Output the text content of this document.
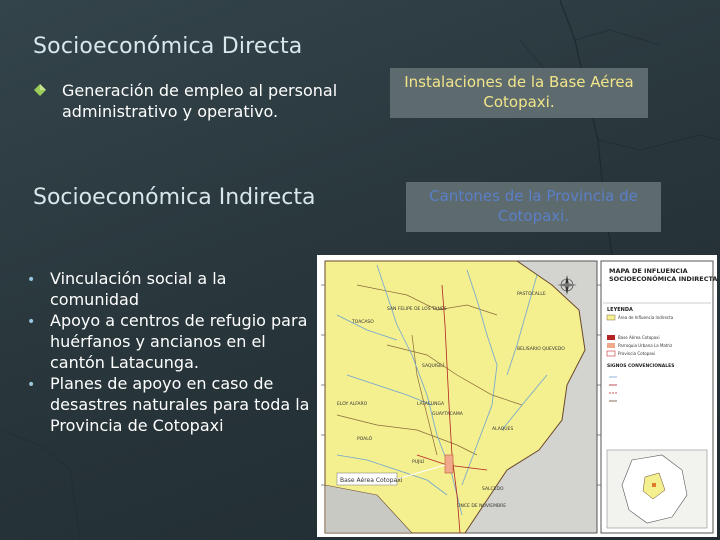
Socioeconómica Directa
Generación de empleo al personal administrativo y operativo.
Socioeconómica Indirecta
• Vinculación social a la comunidad
• Apoyo a centros de refugio para huérfanos y ancianos en el cantón Latacunga.
• Planes de apoyo en caso de desastres naturales para toda la Provincia de Cotopaxi
Instalaciones de la Base Aérea Cotopaxi.
Cantones de la Provincia de Cotopaxi.
Base Aérea Cotopaxi
SAN FELIPE DE LOS TANES
LATACUNGA
TOACASO
POALÓ
PUJILÍ
SALCEDO
SAQUISILÍ
PASTOCALLE
GUAYTACAMA
ALAQUES
BELISARIO QUEVEDO
ELOY ALFARO
ONCE DE NOVIEMBRE
MAPA DE INFLUENCIA SOCIOECONÓMICA INDIRECTA
LEYENDA
Área de Influencia Indirecta
Base Aérea Cotopaxi
Parroquia Urbana La Matriz
Provincia Cotopaxi
SIGNOS CONVENCIONALES
